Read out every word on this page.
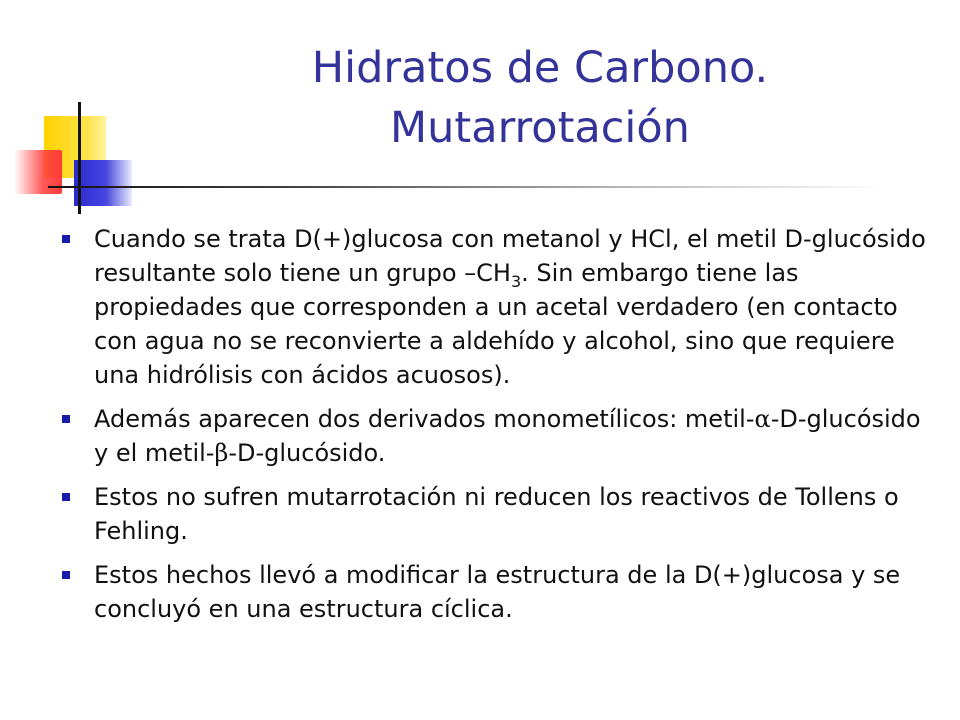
Hidratos de Carbono.
Mutarrotación
Cuando se trata D(+)glucosa con metanol y HCl, el metil D-glucósido resultante solo tiene un grupo $-CH_3$. Sin embargo tiene las propiedades que corresponden a un acetal verdadero (en contacto con agua no se reconvierte a aldehído y alcohol, sino que requiere una hidrólisis con ácidos acuosos).
Además aparecen dos derivados monometílicos: metil-α-D-glucósido y el metil-β-D-glucósido.
Estos no sufren mutarrotación ni reducen los reactivos de Tollens o Fehling.
Estos hechos llevó a modificar la estructura de la D(+)glucosa y se concluyó en una estructura cíclica.
